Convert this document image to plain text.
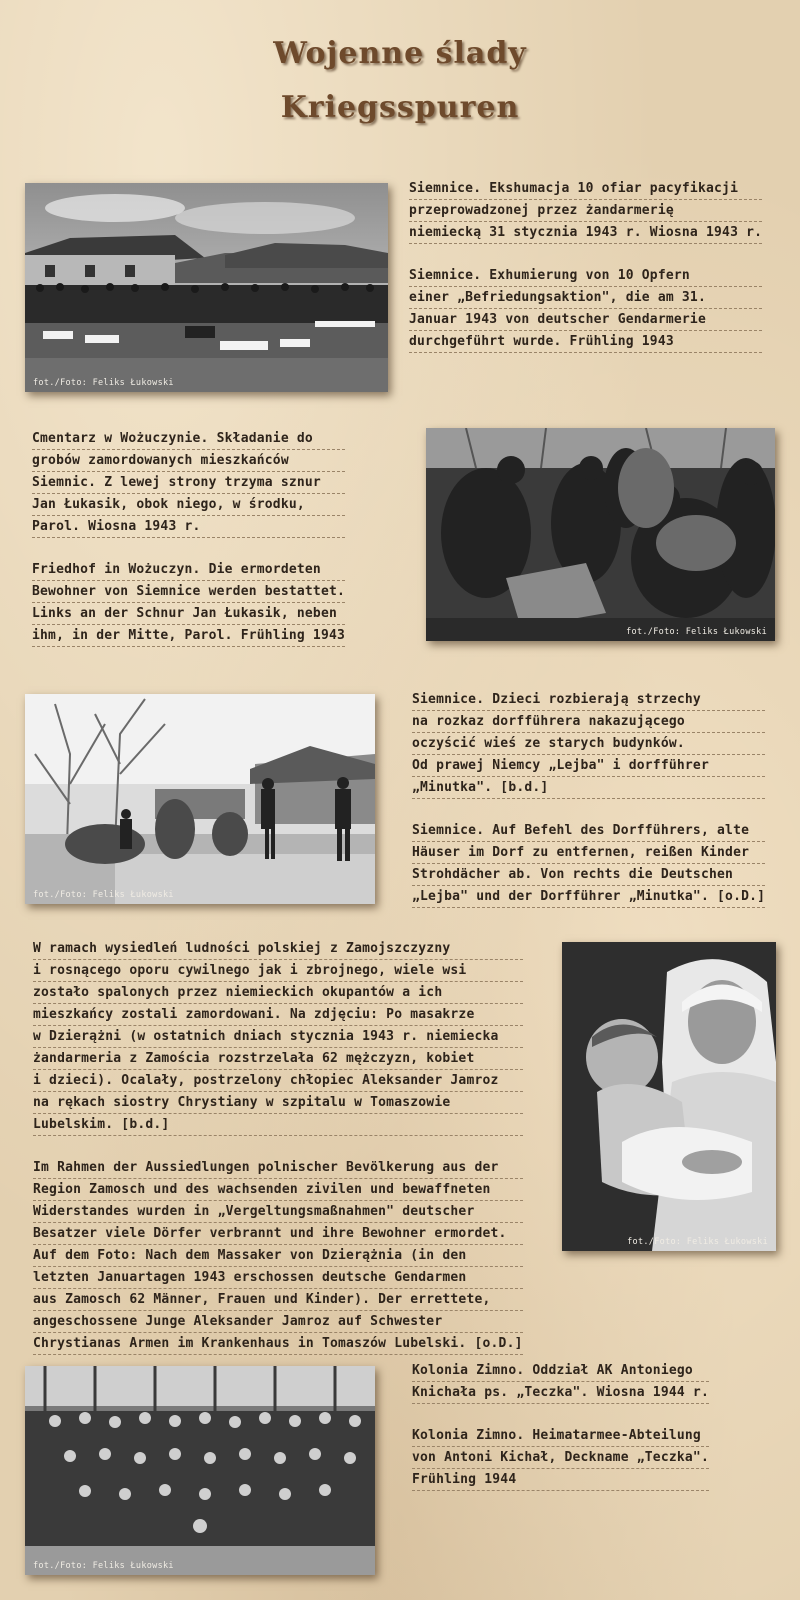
Wojenne ślady
Kriegsspuren
fot./Foto: Feliks Łukowski
Siemnice. Ekshumacja 10 ofiar pacyfikacji
przeprowadzonej przez żandarmerię
niemiecką 31 stycznia 1943 r. Wiosna 1943 r.
Siemnice. Exhumierung von 10 Opfern
einer „Befriedungsaktion", die am 31.
Januar 1943 von deutscher Gendarmerie
durchgeführt wurde. Frühling 1943
Cmentarz w Wożuczynie. Składanie do
grobów zamordowanych mieszkańców
Siemnic. Z lewej strony trzyma sznur
Jan Łukasik, obok niego, w środku,
Parol. Wiosna 1943 r.
Friedhof in Wożuczyn. Die ermordeten
Bewohner von Siemnice werden bestattet.
Links an der Schnur Jan Łukasik, neben
ihm, in der Mitte, Parol. Frühling 1943	fot./Foto: Feliks Łukowski
fot./Foto: Feliks Łukowski
Siemnice. Dzieci rozbierają strzechy
na rozkaz dorfführera nakazującego
oczyścić wieś ze starych budynków.
Od prawej Niemcy „Lejba" i dorfführer
„Minutka". [b.d.]
Siemnice. Auf Befehl des Dorfführers, alte
Häuser im Dorf zu entfernen, reißen Kinder
Strohdächer ab. Von rechts die Deutschen
„Lejba" und der Dorfführer „Minutka". [o.D.]
W ramach wysiedleń ludności polskiej z Zamojszczyzny
i rosnącego oporu cywilnego jak i zbrojnego, wiele wsi
zostało spalonych przez niemieckich okupantów a ich
mieszkańcy zostali zamordowani. Na zdjęciu: Po masakrze
w Dzierążni (w ostatnich dniach stycznia 1943 r. niemiecka
żandarmeria z Zamościa rozstrzelała 62 mężczyzn, kobiet
i dzieci). Ocalały, postrzelony chłopiec Aleksander Jamroz
na rękach siostry Chrystiany w szpitalu w Tomaszowie
Lubelskim. [b.d.]
Im Rahmen der Aussiedlungen polnischer Bevölkerung aus der
Region Zamosch und des wachsenden zivilen und bewaffneten
Widerstandes wurden in „Vergeltungsmaßnahmen" deutscher
Besatzer viele Dörfer verbrannt und ihre Bewohner ermordet.
Auf dem Foto: Nach dem Massaker von Dzierążnia (in den
letzten Januartagen 1943 erschossen deutsche Gendarmen
aus Zamosch 62 Männer, Frauen und Kinder). Der errettete,
angeschossene Junge Aleksander Jamroz auf Schwester
Chrystianas Armen im Krankenhaus in Tomaszów Lubelski. [o.D.]
fot./Foto: Feliks Łukowski
fot./Foto: Feliks Łukowski
Kolonia Zimno. Oddział AK Antoniego
Knichała ps. „Teczka". Wiosna 1944 r.
Kolonia Zimno. Heimatarmee-Abteilung
von Antoni Kichał, Deckname „Teczka".
Frühling 1944
